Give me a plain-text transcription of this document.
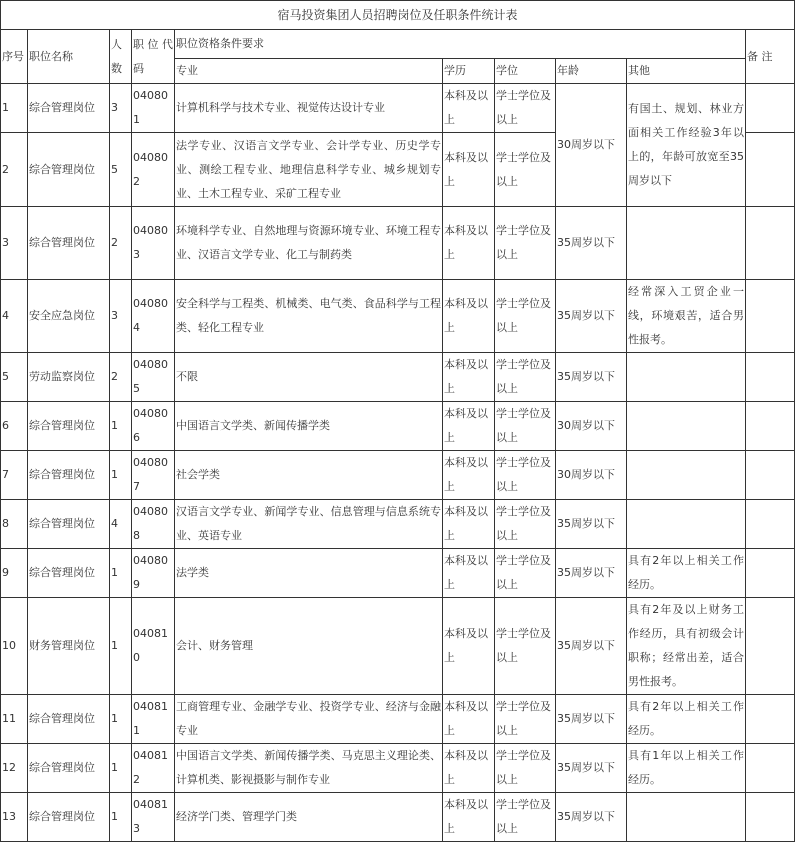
宿马投资集团人员招聘岗位及任职条件统计表									
序号	职位名称	人数	职 位 代码	职位资格条件要求					备 注
				专业	学历	学位	年龄	其他	
1	综合管理岗位	3	040801	计算机科学与技术专业、视觉传达设计专业	本科及以上	学士学位及以上	30周岁以下	有国土、规划、林业方面相关工作经验3年以上的，年龄可放宽至35周岁以下	
2	综合管理岗位	5	040802	法学专业、汉语言文学专业、会计学专业、历史学专业、测绘工程专业、地理信息科学专业、城乡规划专业、土木工程专业、采矿工程专业	本科及以上	学士学位及以上			
3	综合管理岗位	2	040803	环境科学专业、自然地理与资源环境专业、环境工程专业、汉语言文学专业、化工与制药类	本科及以上	学士学位及以上	35周岁以下		
4	安全应急岗位	3	040804	安全科学与工程类、机械类、电气类、食品科学与工程类、轻化工程专业	本科及以上	学士学位及以上	35周岁以下	经常深入工贸企业一线，环境艰苦，适合男性报考。	
5	劳动监察岗位	2	040805	不限	本科及以上	学士学位及以上	35周岁以下		
6	综合管理岗位	1	040806	中国语言文学类、新闻传播学类	本科及以上	学士学位及以上	30周岁以下		
7	综合管理岗位	1	040807	社会学类	本科及以上	学士学位及以上	30周岁以下		
8	综合管理岗位	4	040808	汉语言文学专业、新闻学专业、信息管理与信息系统专业、英语专业	本科及以上	学士学位及以上	35周岁以下		
9	综合管理岗位	1	040809	法学类	本科及以上	学士学位及以上	35周岁以下	具有2年以上相关工作经历。	
10	财务管理岗位	1	040810	会计、财务管理	本科及以上	学士学位及以上	35周岁以下	具有2年及以上财务工作经历，具有初级会计职称；经常出差，适合男性报考。	
11	综合管理岗位	1	040811	工商管理专业、金融学专业、投资学专业、经济与金融专业	本科及以上	学士学位及以上	35周岁以下	具有2年以上相关工作经历。	
12	综合管理岗位	1	040812	中国语言文学类、新闻传播学类、马克思主义理论类、计算机类、影视摄影与制作专业	本科及以上	学士学位及以上	35周岁以下	具有1年以上相关工作经历。	
13	综合管理岗位	1	040813	经济学门类、管理学门类	本科及以上	学士学位及以上	35周岁以下		
